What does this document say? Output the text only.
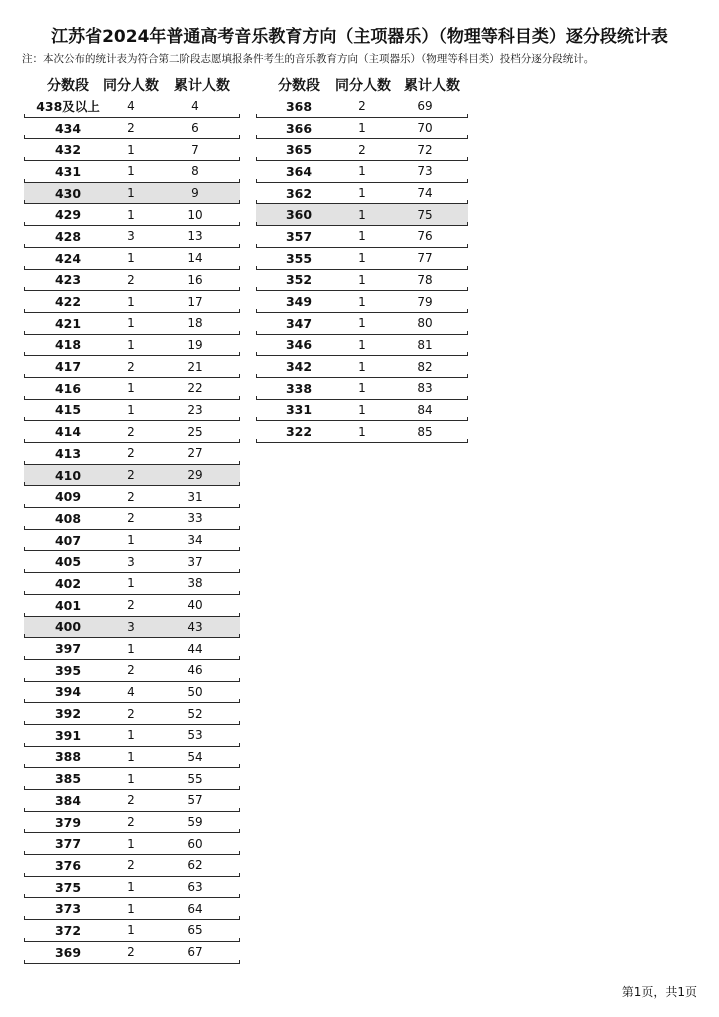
江苏省2024年普通高考音乐教育方向（主项器乐）（物理等科目类）逐分段统计表
注：本次公布的统计表为符合第二阶段志愿填报条件考生的音乐教育方向（主项器乐）（物理等科目类）投档分逐分段统计。
分数段	同分人数	累计人数
438及以上	4	4
434	2	6
432	1	7
431	1	8
430	1	9
429	1	10
428	3	13
424	1	14
423	2	16
422	1	17
421	1	18
418	1	19
417	2	21
416	1	22
415	1	23
414	2	25
413	2	27
410	2	29
409	2	31
408	2	33
407	1	34
405	3	37
402	1	38
401	2	40
400	3	43
397	1	44
395	2	46
394	4	50
392	2	52
391	1	53
388	1	54
385	1	55
384	2	57
379	2	59
377	1	60
376	2	62
375	1	63
373	1	64
372	1	65
369	2	67
分数段	同分人数 累计人数
368	2	69
366	1	70
365	2	72
364	1	73
362	1	74
360	1	75
357	1	76
355	1	77
352	1	78
349	1	79
347	1	80
346	1	81
342	1	82
338	1	83
331	1	84
322	1	85
第1页，共1页
